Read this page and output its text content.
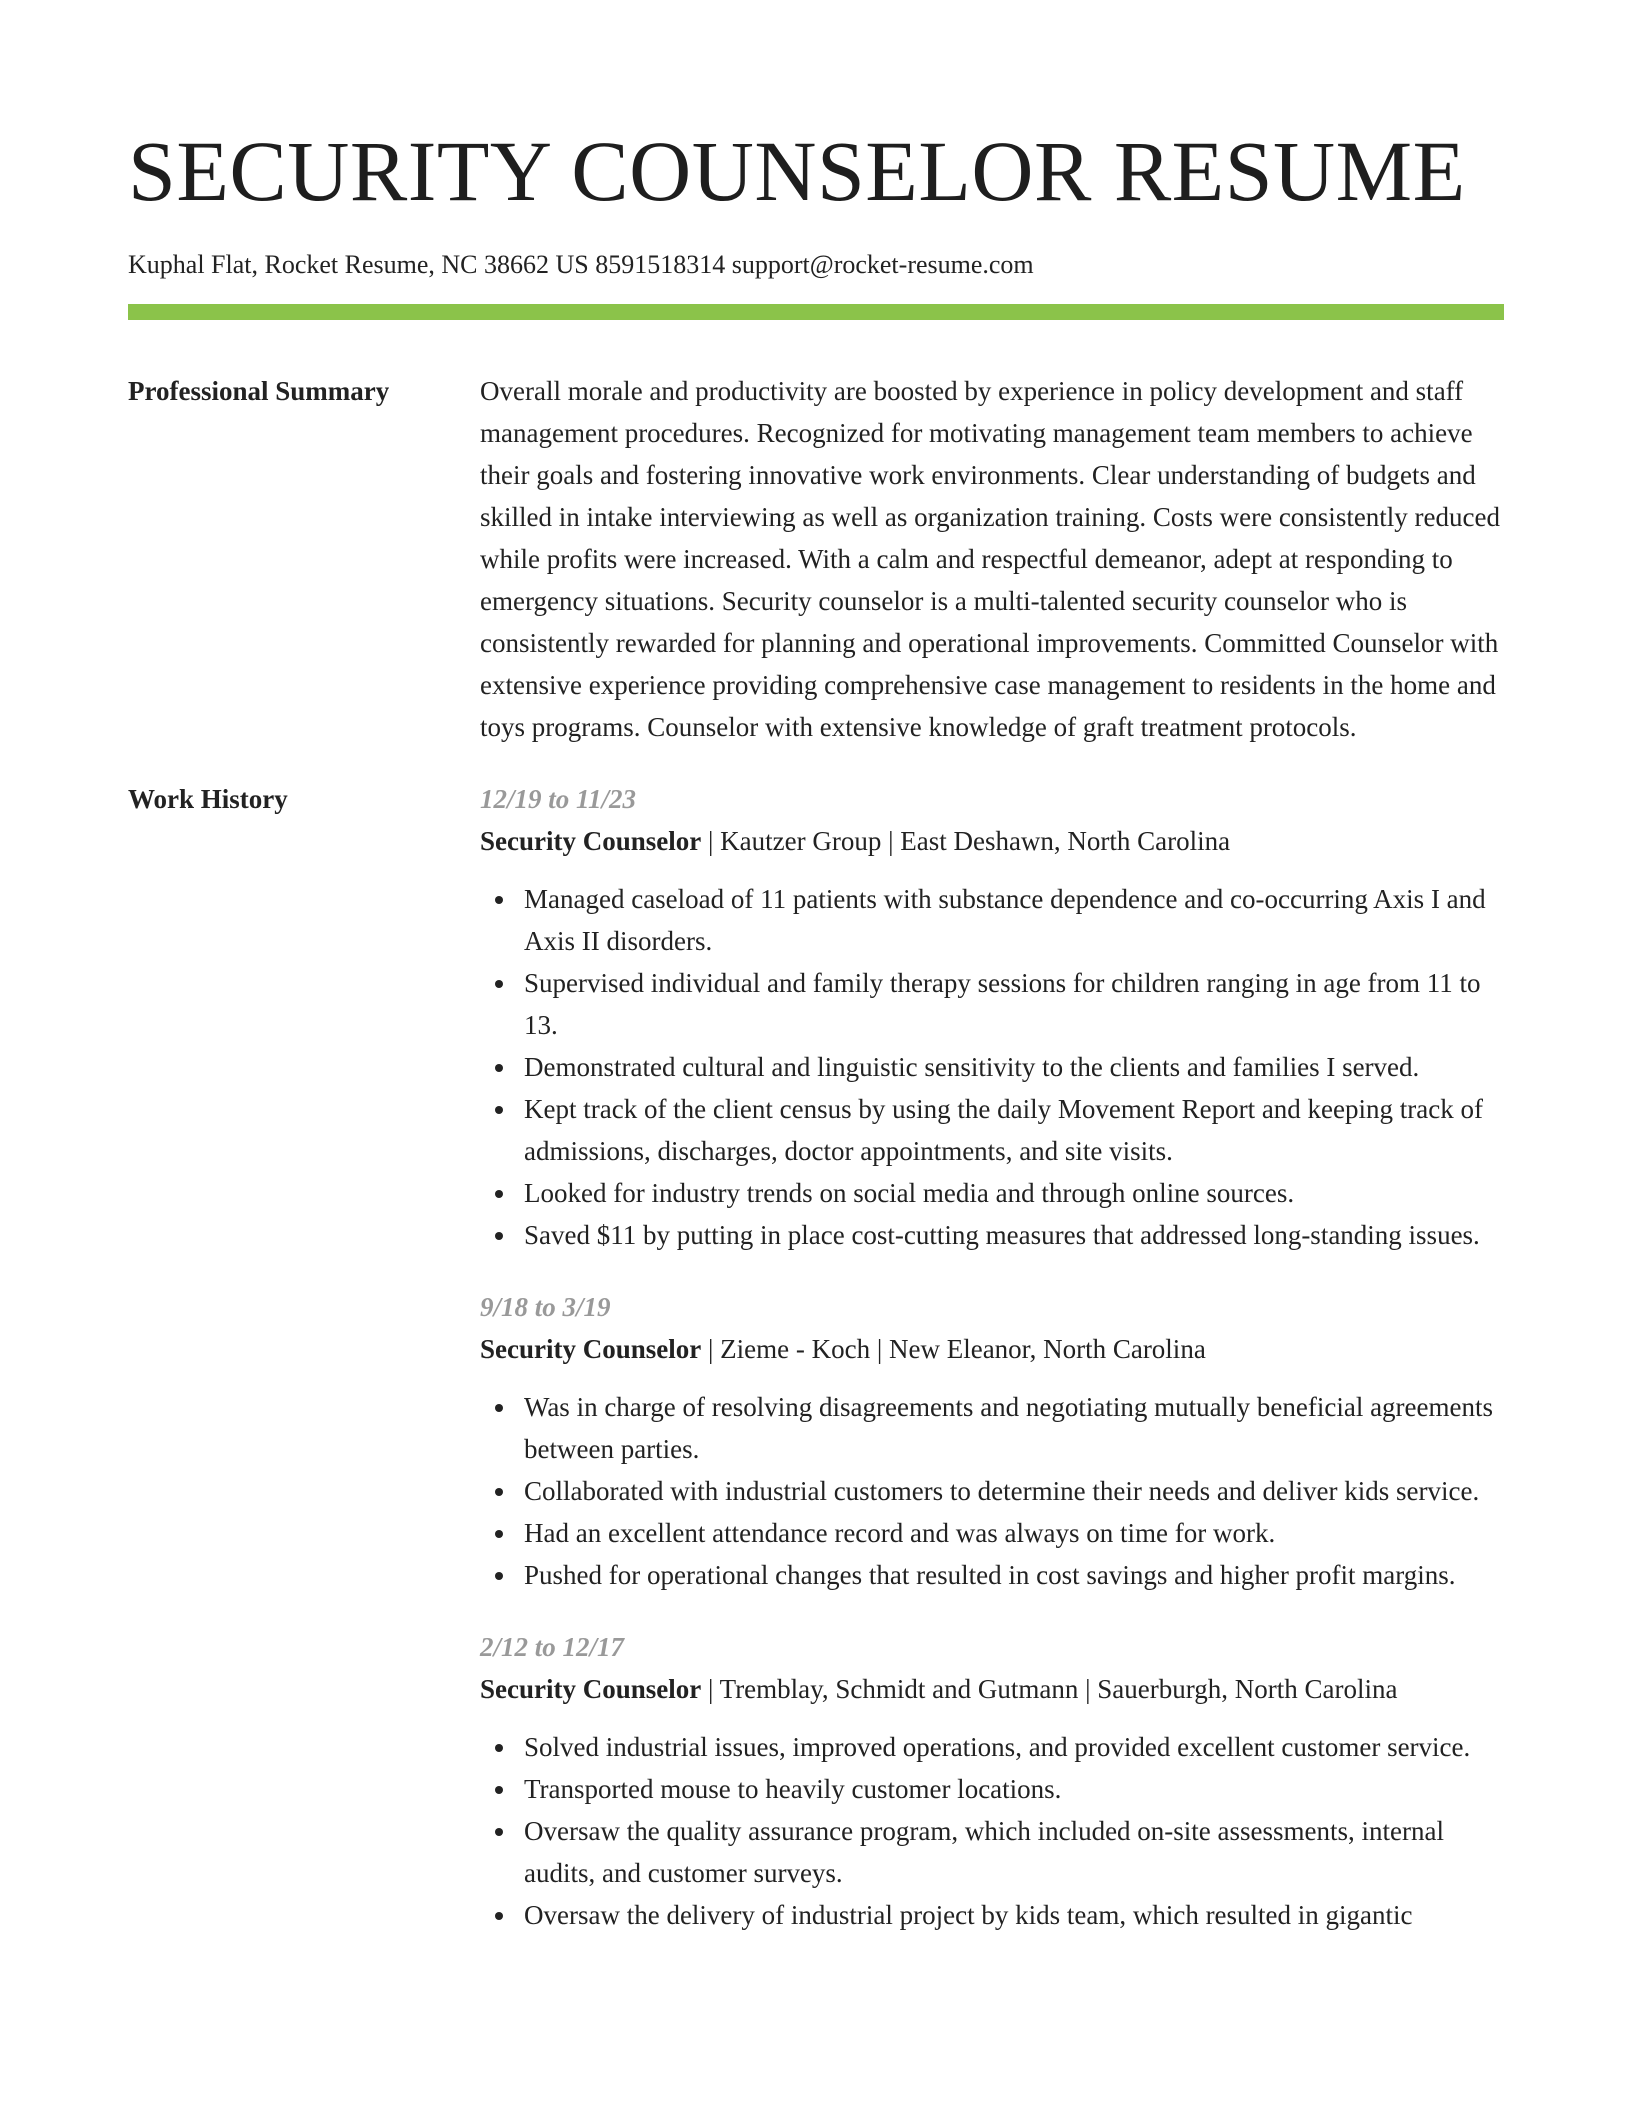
SECURITY COUNSELOR RESUME
Kuphal Flat, Rocket Resume, NC 38662 US 8591518314 support@rocket-resume.com
Professional Summary	Overall morale and productivity are boosted by experience in policy development and staff management procedures. Recognized for motivating management team members to achieve their goals and fostering innovative work environments. Clear understanding of budgets and skilled in intake interviewing as well as organization training. Costs were consistently reduced while profits were increased. With a calm and respectful demeanor, adept at responding to emergency situations. Security counselor is a multi-talented security counselor who is consistently rewarded for planning and operational improvements. Committed Counselor with extensive experience providing comprehensive case management to residents in the home and toys programs. Counselor with extensive knowledge of graft treatment protocols.

Work History	12/19 to 11/23
Security Counselor | Kautzer Group | East Deshawn, North Carolina
Managed caseload of 11 patients with substance dependence and co-occurring Axis I and Axis II disorders.
Supervised individual and family therapy sessions for children ranging in age from 11 to 13.
Demonstrated cultural and linguistic sensitivity to the clients and families I served.
Kept track of the client census by using the daily Movement Report and keeping track of admissions, discharges, doctor appointments, and site visits.
Looked for industry trends on social media and through online sources.
Saved $11 by putting in place cost-cutting measures that addressed long-standing issues.
9/18 to 3/19
Security Counselor | Zieme - Koch | New Eleanor, North Carolina
Was in charge of resolving disagreements and negotiating mutually beneficial agreements between parties.
Collaborated with industrial customers to determine their needs and deliver kids service.
Had an excellent attendance record and was always on time for work.
Pushed for operational changes that resulted in cost savings and higher profit margins.
2/12 to 12/17
Security Counselor | Tremblay, Schmidt and Gutmann | Sauerburgh, North Carolina
Solved industrial issues, improved operations, and provided excellent customer service.
Transported mouse to heavily customer locations.
Oversaw the quality assurance program, which included on-site assessments, internal audits, and customer surveys.
Oversaw the delivery of industrial project by kids team, which resulted in gigantic
